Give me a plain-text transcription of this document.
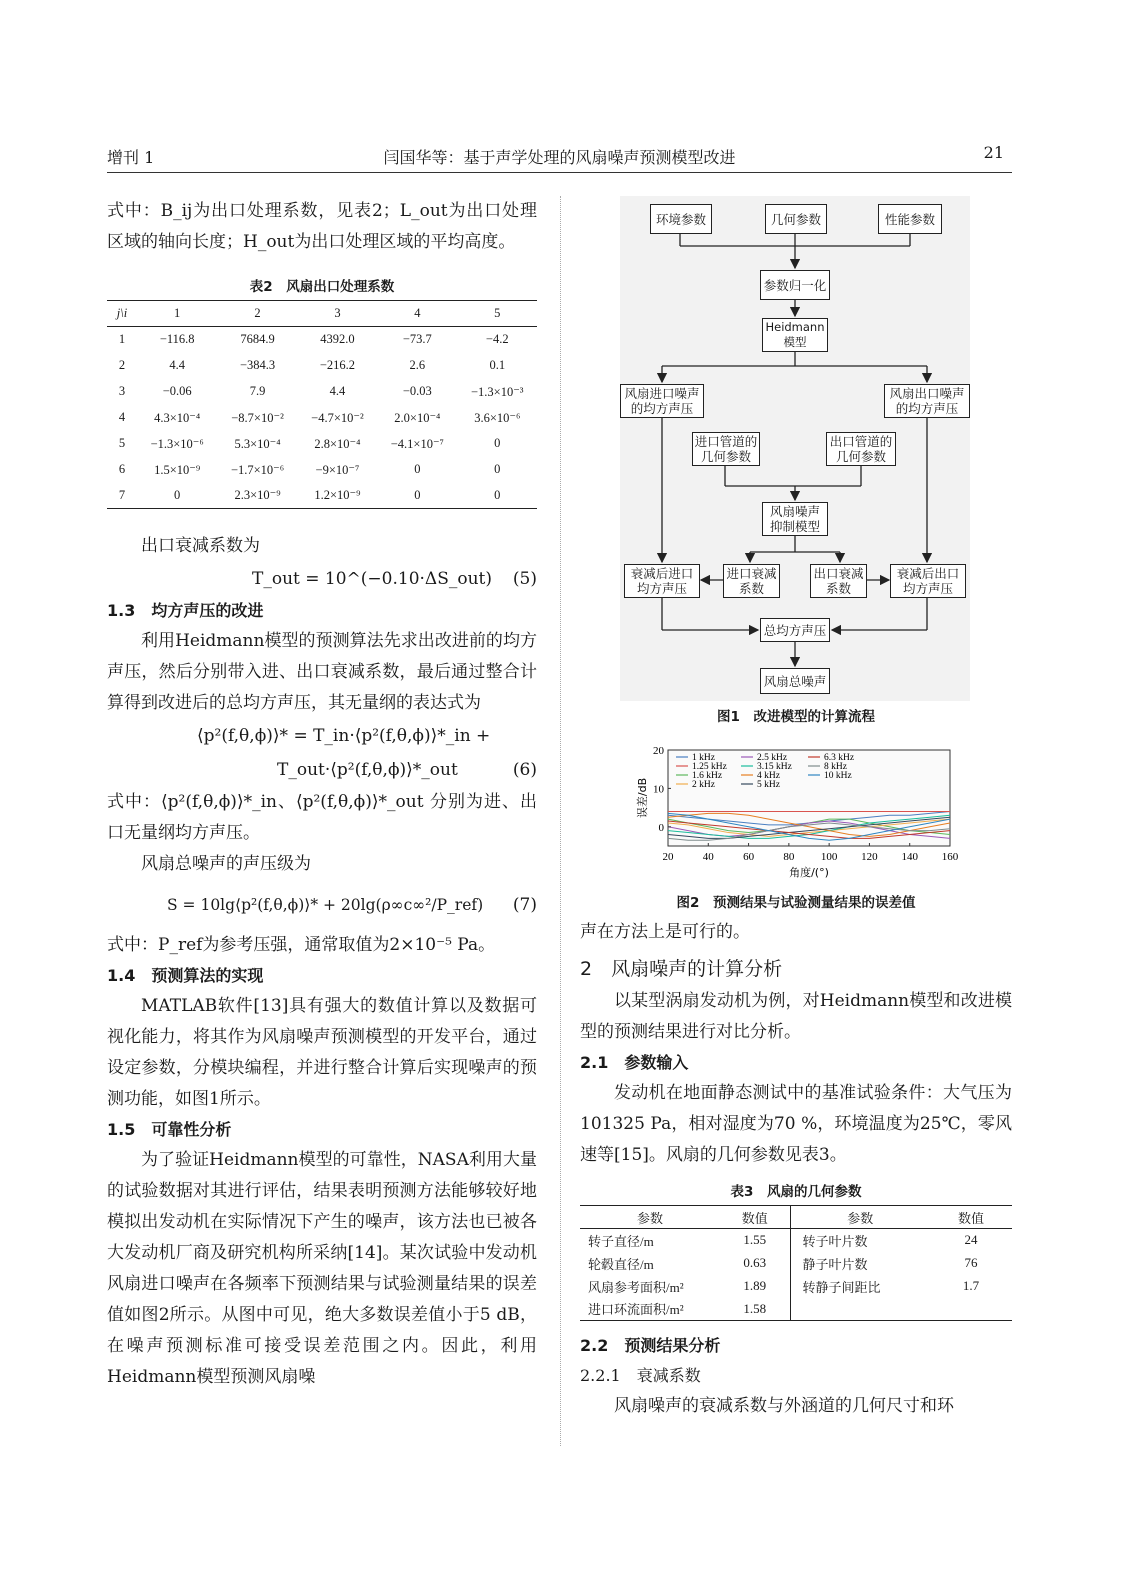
增刊 1	闫国华等：基于声学处理的风扇噪声预测模型改进	21

式中：B_ij为出口处理系数，见表2；L_out为出口处理区域的轴向长度；H_out为出口处理区域的平均高度。

表2　风扇出口处理系数
j\i	1	2	3	4	5
1	−116.8	7684.9	4392.0	−73.7	−4.2
2	4.4	−384.3	−216.2	2.6	0.1
3	−0.06	7.9	4.4	−0.03	−1.3×10⁻³
4	4.3×10⁻⁴	−8.7×10⁻²	−4.7×10⁻²	2.0×10⁻⁴	3.6×10⁻⁶
5	−1.3×10⁻⁶	5.3×10⁻⁴	2.8×10⁻⁴	−4.1×10⁻⁷	0
6	1.5×10⁻⁹	−1.7×10⁻⁶	−9×10⁻⁷	0	0
7	0	2.3×10⁻⁹	1.2×10⁻⁹	0	0

出口衰减系数为

T_out = 10^(−0.10·ΔS_out) (5)
1.3　均方声压的改进

利用Heidmann模型的预测算法先求出改进前的均方声压，然后分别带入进、出口衰减系数，最后通过整合计算得到改进后的总均方声压，其无量纲的表达式为

⟨p²(f,θ,ϕ)⟩* = T_in·⟨p²(f,θ,ϕ)⟩*_in +
T_out·⟨p²(f,θ,ϕ)⟩*_out	(6)

式中：⟨p²(f,θ,ϕ)⟩*_in、⟨p²(f,θ,ϕ)⟩*_out 分别为进、出口无量纲均方声压。

风扇总噪声的声压级为

S = 10lg⟨p²(f,θ,ϕ)⟩* + 20lg(ρ∞c∞²/P_ref) (7)

式中：P_ref为参考压强，通常取值为2×10⁻⁵ Pa。

1.4　预测算法的实现

MATLAB软件[13]具有强大的数值计算以及数据可视化能力，将其作为风扇噪声预测模型的开发平台，通过设定参数，分模块编程，并进行整合计算后实现噪声的预测功能，如图1所示。

1.5　可靠性分析

为了验证Heidmann模型的可靠性，NASA利用大量的试验数据对其进行评估，结果表明预测方法能够较好地模拟出发动机在实际情况下产生的噪声，该方法也已被各大发动机厂商及研究机构所采纳[14]。某次试验中发动机风扇进口噪声在各频率下预测结果与试验测量结果的误差值如图2所示。从图中可见，绝大多数误差值小于5 dB，在噪声预测标准可接受误差范围之内。因此，利用Heidmann模型预测风扇噪

环境参数	几何参数	性能参数
参数归一化
Heidmann
模型
风扇进口噪声
的均方声压
风扇出口噪声
的均方声压
进口管道的
几何参数
出口管道的
几何参数
风扇噪声
抑制模型
衰减后进口
均方声压
进口衰减
系数
出口衰减
系数
衰减后出口
均方声压
总均方声压
风扇总噪声
图1　改进模型的计算流程
20	40	60	80 100 120 140 160
0
10
20
角度/(°)
误差/dB
1 kHz
1.25 kHz
1.6 kHz
2 kHz
2.5 kHz
3.15 kHz
4 kHz
5 kHz
6.3 kHz
8 kHz
10 kHz
图2　预测结果与试验测量结果的误差值

声在方法上是可行的。

2　风扇噪声的计算分析

以某型涡扇发动机为例，对Heidmann模型和改进模型的预测结果进行对比分析。

2.1　参数输入

发动机在地面静态测试中的基准试验条件：大气压为101325 Pa，相对湿度为70 %，环境温度为25℃，零风速等[15]。风扇的几何参数见表3。

表3　风扇的几何参数
参数	数值	参数	数值
转子直径/m	1.55	转子叶片数	24
轮毂直径/m	0.63	静子叶片数	76
风扇参考面积/m²	1.89	转静子间距比	1.7
进口环流面积/m²	1.58		
2.2　预测结果分析
2.2.1　衰减系数

风扇噪声的衰减系数与外涵道的几何尺寸和环
